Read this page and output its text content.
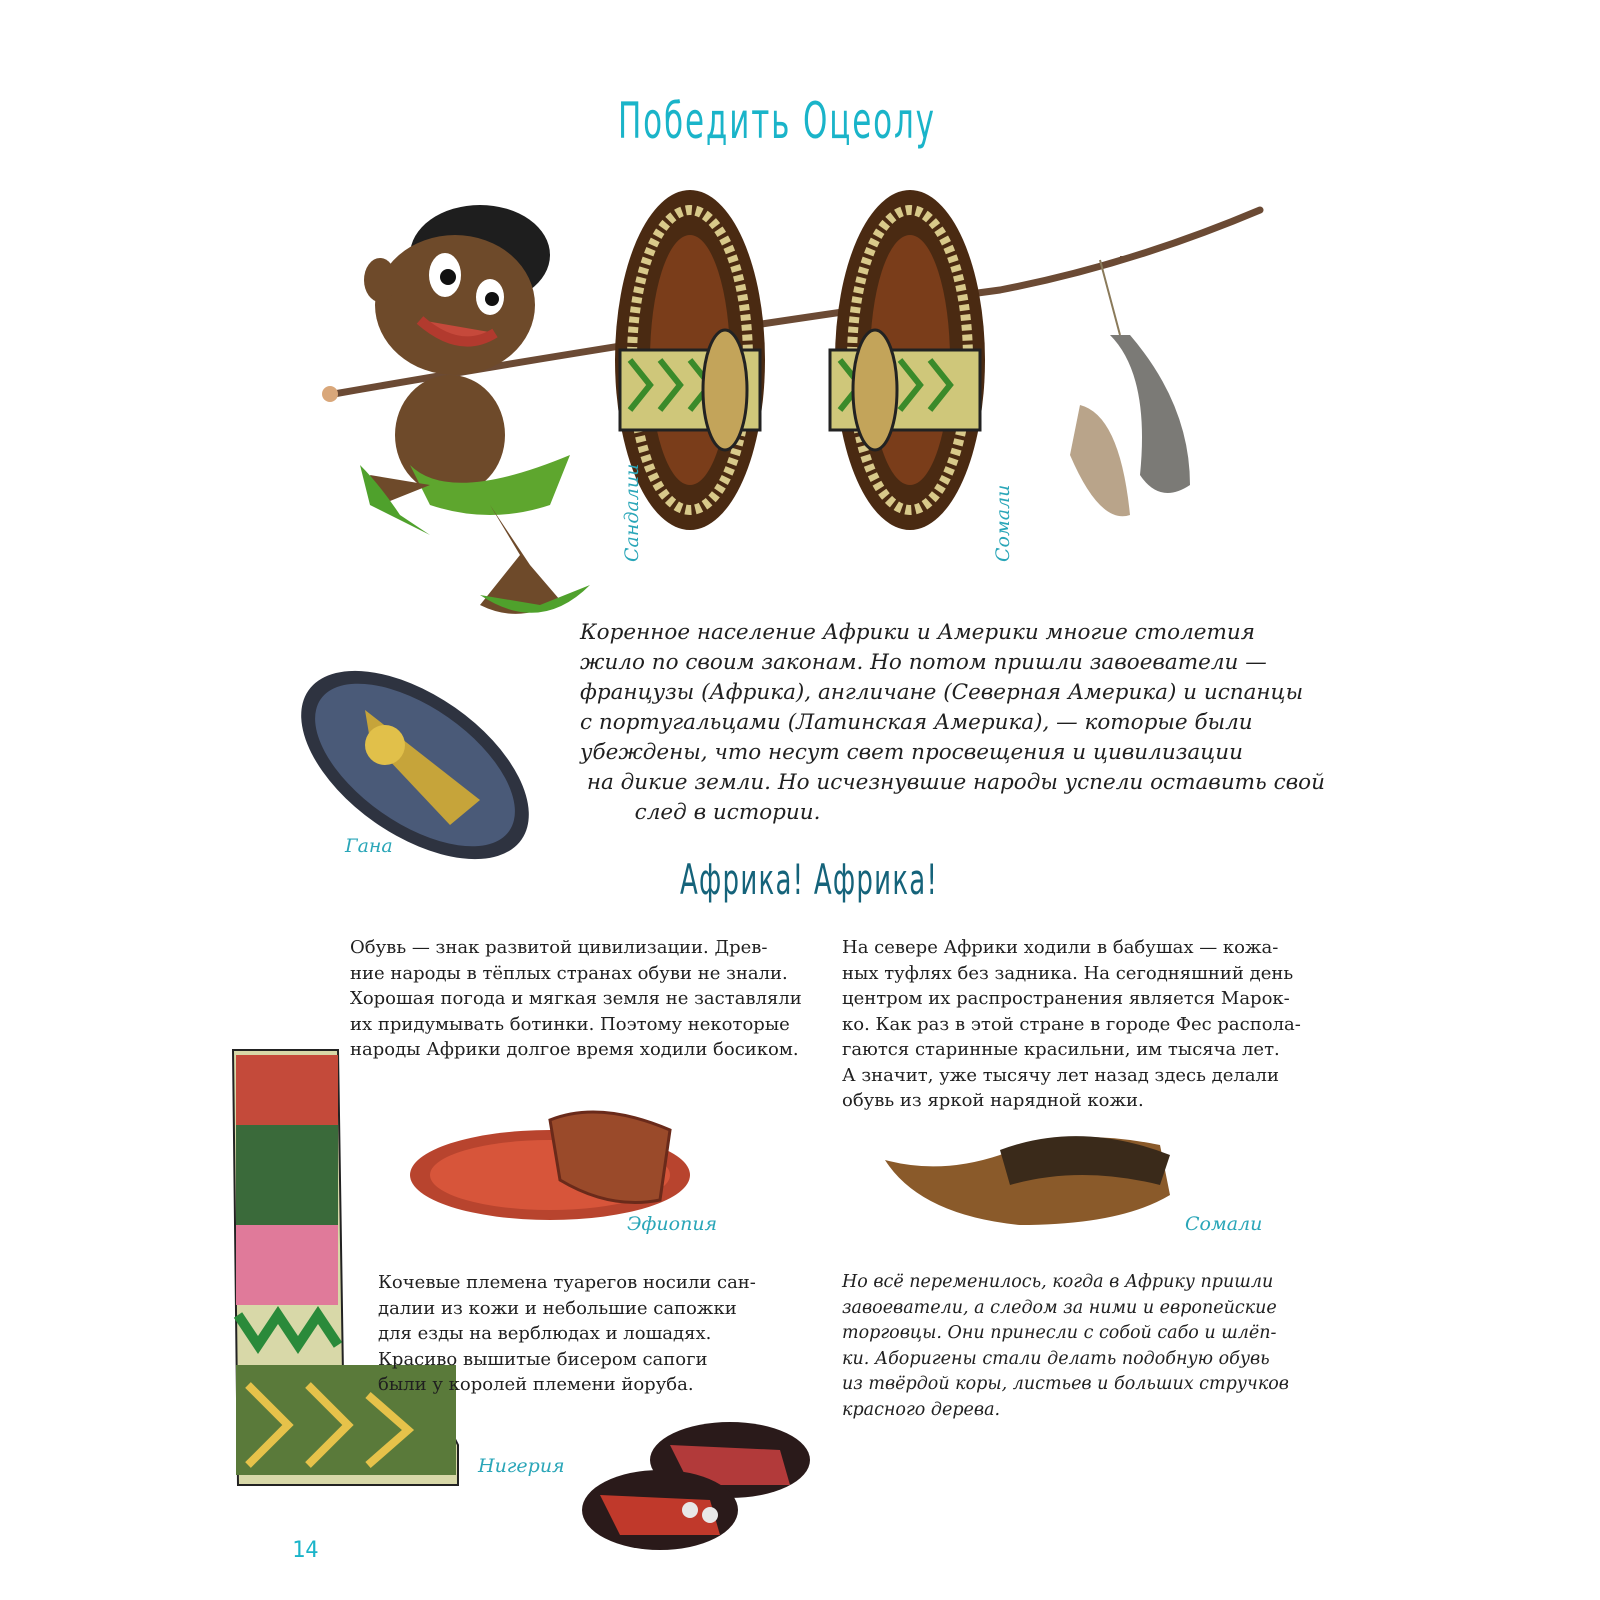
Победить Оцеолу
Сандалии	Сомали
Гана
Коренное население Африки и Америки многие столетия
жило по своим законам. Но потом пришли завоеватели —
французы (Африка), англичане (Северная Америка) и испанцы
с португальцами (Латинская Америка), — которые были
убеждены, что несут свет просвещения и цивилизации
на дикие земли. Но исчезнувшие народы успели оставить свой
след в истории.
Африка! Африка!
Обувь — знак развитой цивилизации. Древ-
ние народы в тёплых странах обуви не знали.
Хорошая погода и мягкая земля не заставляли
их придумывать ботинки. Поэтому некоторые
народы Африки долгое время ходили босиком.
На севере Африки ходили в бабушах — кожа-
ных туфлях без задника. На сегодняшний день
центром их распространения является Марок-
ко. Как раз в этой стране в городе Фес распола-
гаются старинные красильни, им тысяча лет.
А значит, уже тысячу лет назад здесь делали
обувь из яркой нарядной кожи.
Эфиопия	Сомали
Кочевые племена туарегов носили сан-
далии из кожи и небольшие сапожки
для езды на верблюдах и лошадях.
Красиво вышитые бисером сапоги
были у королей племени йоруба.
Но всё переменилось, когда в Африку пришли
завоеватели, а следом за ними и европейские
торговцы. Они принесли с собой сабо и шлёп-
ки. Аборигены стали делать подобную обувь
из твёрдой коры, листьев и больших стручков
красного дерева.
Нигерия
14
